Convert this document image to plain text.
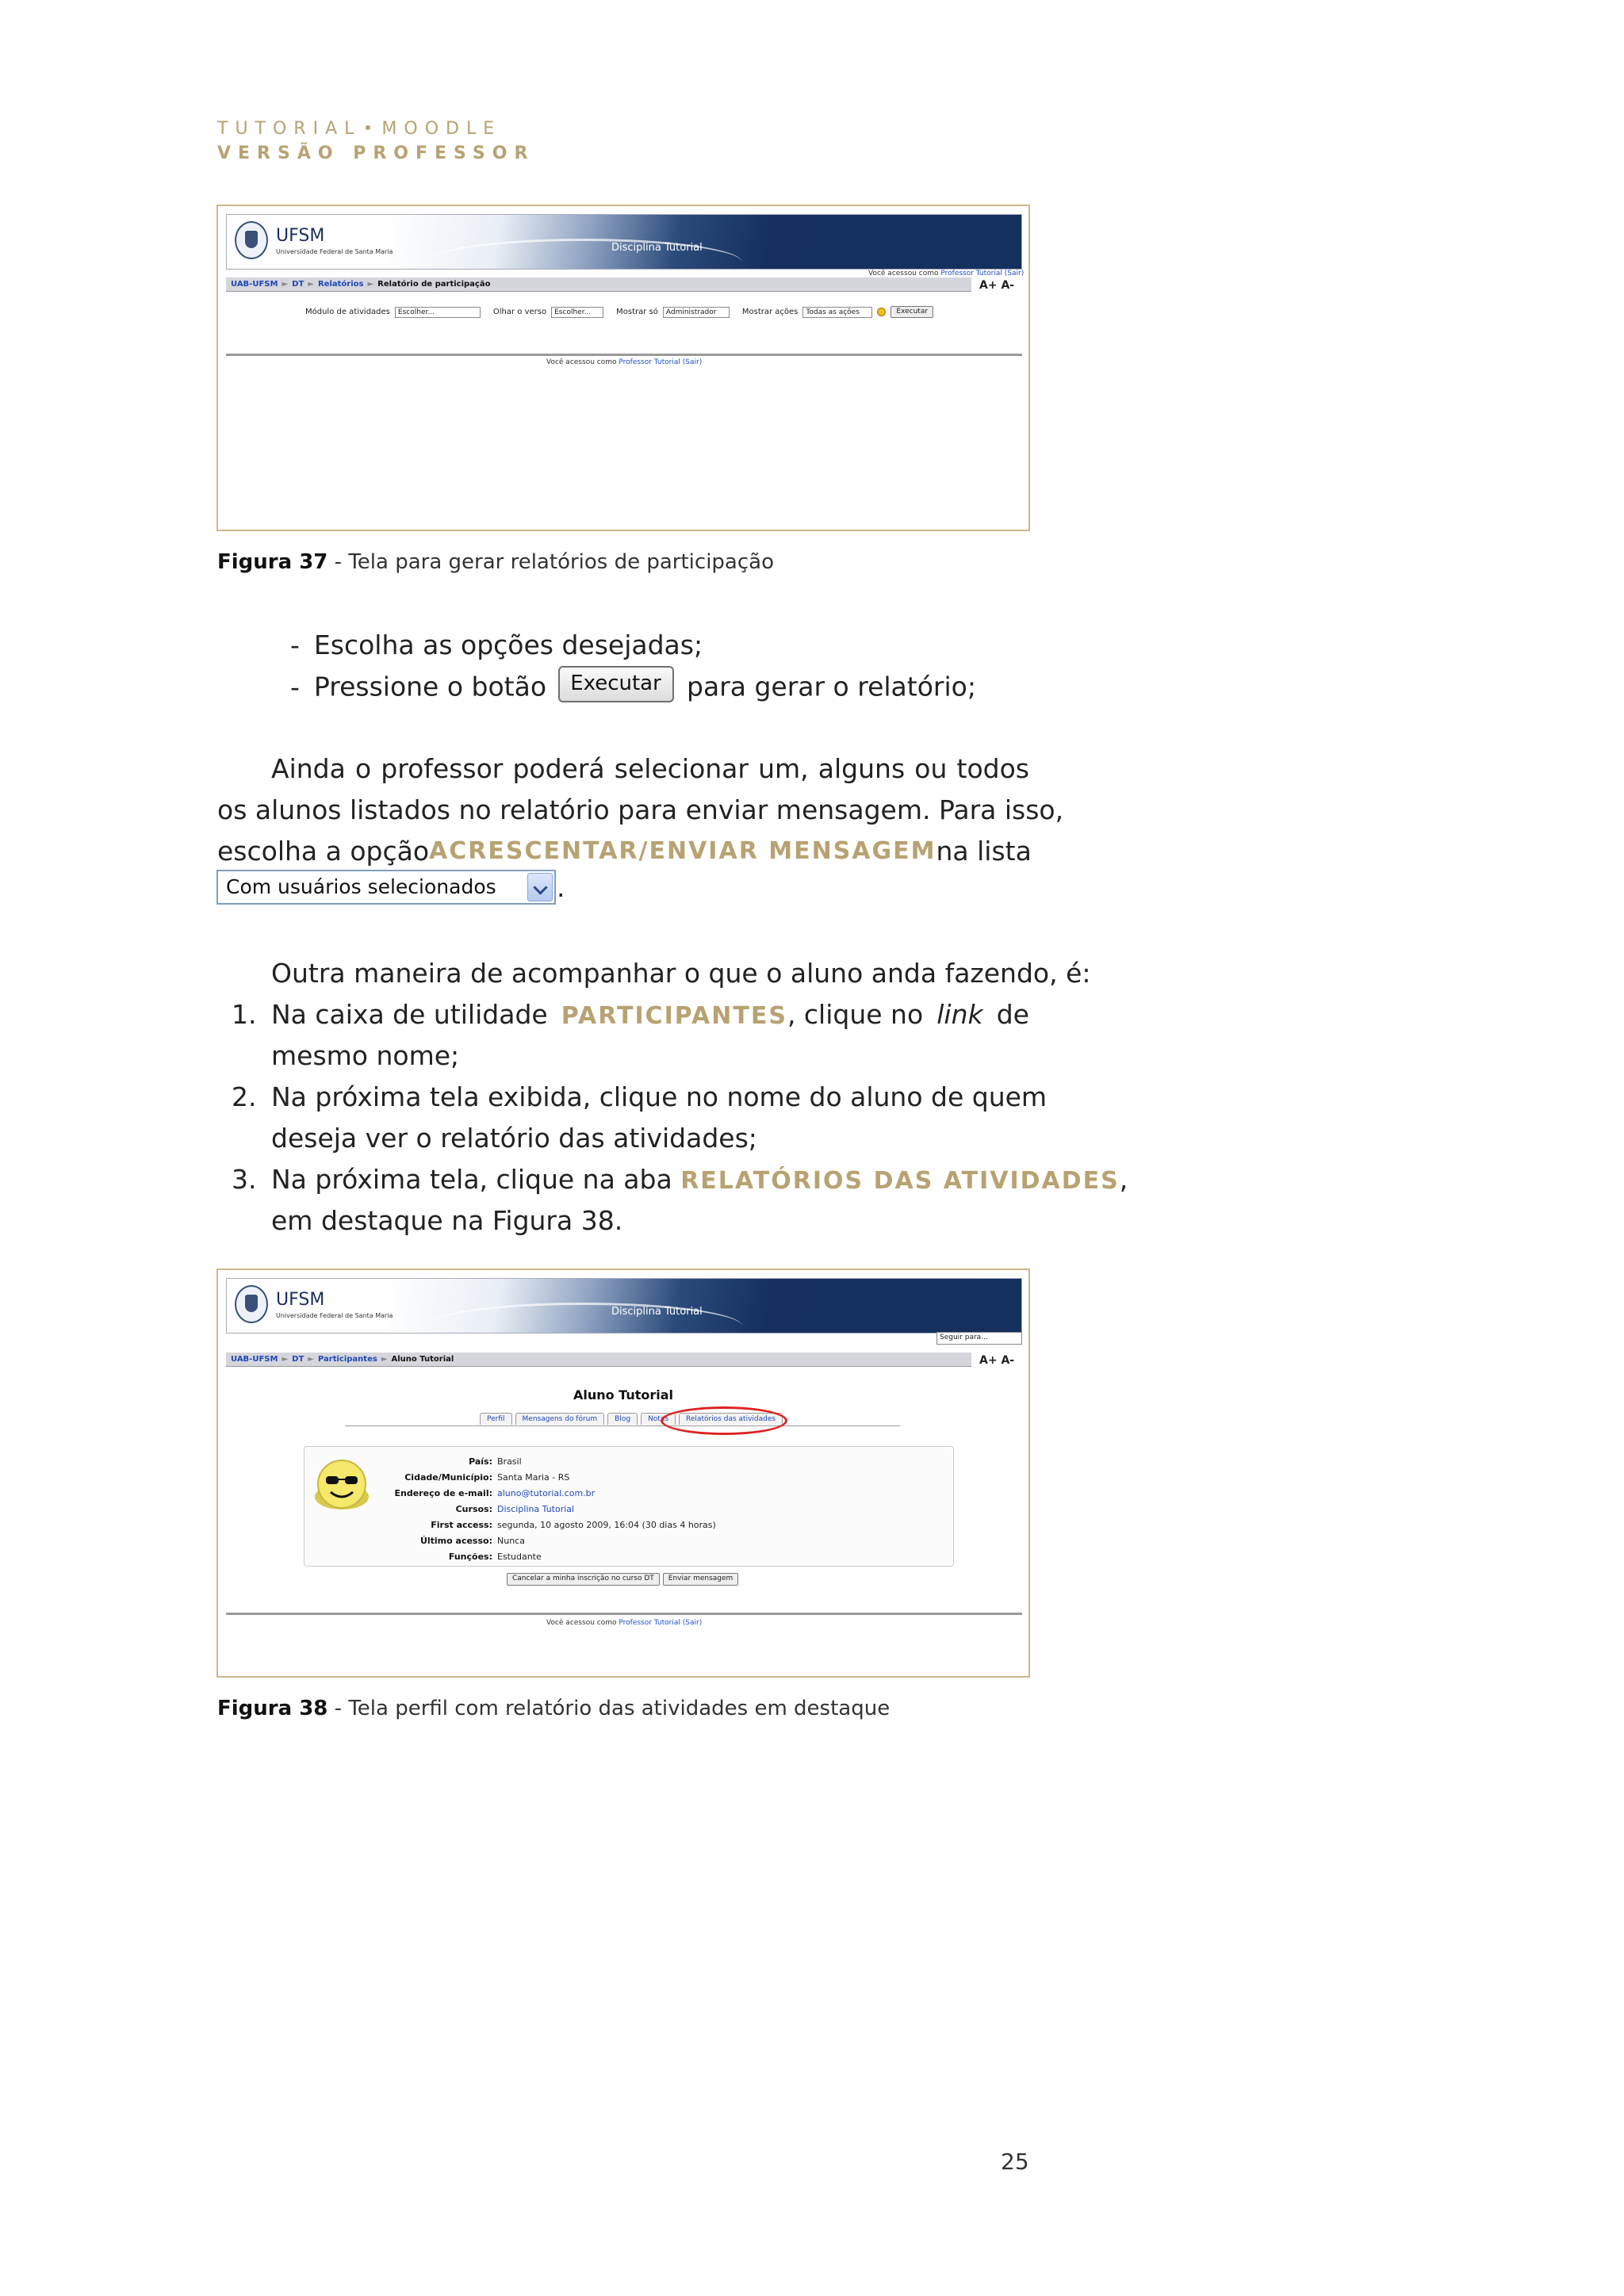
TUTORIAL MOODLE
VERSÃO PROFESSOR
UFSM
Universidade Federal de Santa Maria	Disciplina Tutorial
Você acessou como Professor Tutorial (Sair)
A+ A-
UAB-UFSM ► DT ► Relatórios ► Relatório de participação
Módulo de atividades	Escolher...	Olhar o verso	Escolher...	Mostrar só	Administrador	Mostrar ações	Todas as ações	Executar
Você acessou como Professor Tutorial (Sair)
Figura 37 - Tela para gerar relatórios de participação
- Escolha as opções desejadas;
- Pressione o botão Executar para gerar o relatório;
Ainda o professor poderá selecionar um, alguns ou todos
os alunos listados no relatório para enviar mensagem. Para isso,
escolha a opção ACRESCENTAR/ENVIAR MENSAGEM na lista
Com usuários selecionados .
Outra maneira de acompanhar o que o aluno anda fazendo, é:
1. Na caixa de utilidade PARTICIPANTES, clique no link de
mesmo nome;
2. Na próxima tela exibida, clique no nome do aluno de quem
deseja ver o relatório das atividades;
3. Na próxima tela, clique na aba RELATÓRIOS DAS ATIVIDADES,
em destaque na Figura 38.
UFSM
Universidade Federal de Santa Maria	Disciplina Tutorial
Seguir para...
A+ A-
UAB-UFSM ► DT ► Participantes ► Aluno Tutorial
Aluno Tutorial
Perfil	Mensagens do fórum	Blog	Notas	Relatórios das atividades
País: Brasil
Cidade/Município: Santa Maria - RS
Endereço de e-mail: aluno@tutorial.com.br
Cursos: Disciplina Tutorial
First access: segunda, 10 agosto 2009, 16:04 (30 dias 4 horas)
Último acesso: Nunca
Funções: Estudante
Cancelar a minha inscrição no curso DT	Enviar mensagem
Você acessou como Professor Tutorial (Sair)
Figura 38 - Tela perfil com relatório das atividades em destaque
25
